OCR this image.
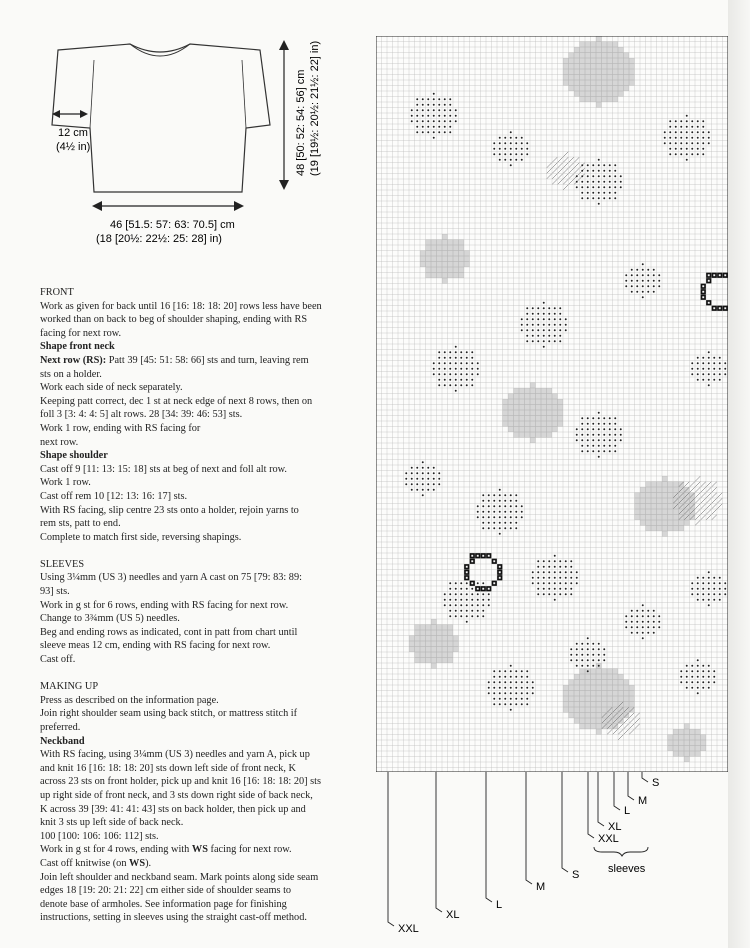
12 cm
(4½ in)
46 [51.5: 57: 63: 70.5] cm
(18 [20½: 22½: 25: 28] in)
48 [50: 52: 54: 56] cm (19 [19½: 20½: 21½: 22] in)

FRONT

Work as given for back until 16 [16: 18: 18: 20] rows less have been

worked than on back to beg of shoulder shaping, ending with RS

facing for next row.

Shape front neck

Next row (RS): Patt 39 [45: 51: 58: 66] sts and turn, leaving rem

sts on a holder.

Work each side of neck separately.

Keeping patt correct, dec 1 st at neck edge of next 8 rows, then on

foll 3 [3: 4: 4: 5] alt rows. 28 [34: 39: 46: 53] sts.

Work 1 row, ending with RS facing for

next row.

Shape shoulder

Cast off 9 [11: 13: 15: 18] sts at beg of next and foll alt row.

Work 1 row.

Cast off rem 10 [12: 13: 16: 17] sts.

With RS facing, slip centre 23 sts onto a holder, rejoin yarns to

rem sts, patt to end.

Complete to match first side, reversing shapings.

SLEEVES

Using 3¼mm (US 3) needles and yarn A cast on 75 [79: 83: 89:

93] sts.

Work in g st for 6 rows, ending with RS facing for next row.

Change to 3¾mm (US 5) needles.

Beg and ending rows as indicated, cont in patt from chart until

sleeve meas 12 cm, ending with RS facing for next row.

Cast off.

MAKING UP

Press as described on the information page.

Join right shoulder seam using back stitch, or mattress stitch if

preferred.

Neckband

With RS facing, using 3¼mm (US 3) needles and yarn A, pick up

and knit 16 [16: 18: 18: 20] sts down left side of front neck, K

across 23 sts on front holder, pick up and knit 16 [16: 18: 18: 20] sts

up right side of front neck, and 3 sts down right side of back neck,

K across 39 [39: 41: 41: 43] sts on back holder, then pick up and

knit 3 sts up left side of back neck.

100 [100: 106: 106: 112] sts.

Work in g st for 4 rows, ending with WS facing for next row.

Cast off knitwise (on WS).

Join left shoulder and neckband seam. Mark points along side seam

edges 18 [19: 20: 21: 22] cm either side of shoulder seams to

denote base of armholes. See information page for finishing

instructions, setting in sleeves using the straight cast-off method.

XXL
XL
L
M
S
XXL
XL
L
M
S
sleeves
